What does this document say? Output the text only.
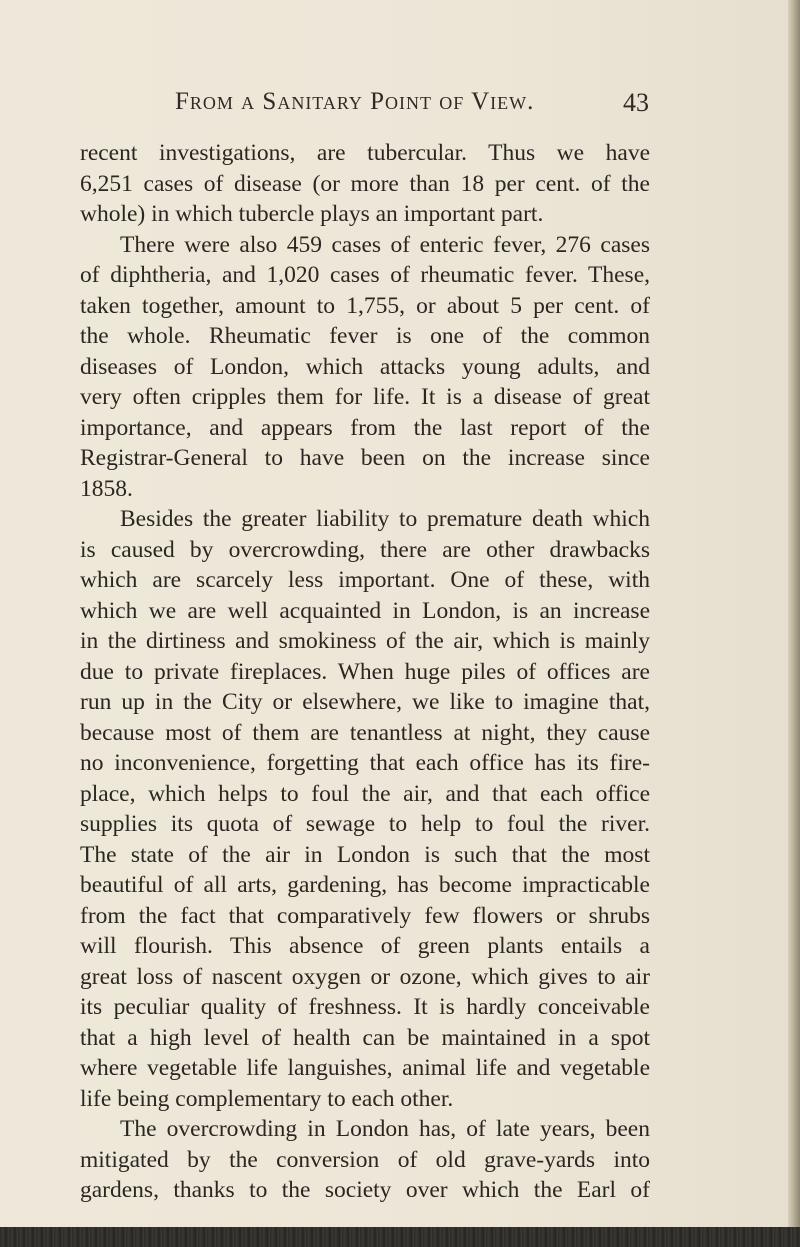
From a Sanitary Point of View.	43
recent investigations, are tubercular. Thus we have
6,251 cases of disease (or more than 18 per cent. of the
whole) in which tubercle plays an important part.
There were also 459 cases of enteric fever, 276 cases
of diphtheria, and 1,020 cases of rheumatic fever. These,
taken together, amount to 1,755, or about 5 per cent. of
the whole. Rheumatic fever is one of the common
diseases of London, which attacks young adults, and
very often cripples them for life. It is a disease of great
importance, and appears from the last report of the
Registrar-General to have been on the increase since
1858.
Besides the greater liability to premature death which
is caused by overcrowding, there are other drawbacks
which are scarcely less important. One of these, with
which we are well acquainted in London, is an increase
in the dirtiness and smokiness of the air, which is mainly
due to private fireplaces. When huge piles of offices are
run up in the City or elsewhere, we like to imagine that,
because most of them are tenantless at night, they cause
no inconvenience, forgetting that each office has its fire-
place, which helps to foul the air, and that each office
supplies its quota of sewage to help to foul the river.
The state of the air in London is such that the most
beautiful of all arts, gardening, has become impracticable
from the fact that comparatively few flowers or shrubs
will flourish. This absence of green plants entails a
great loss of nascent oxygen or ozone, which gives to air
its peculiar quality of freshness. It is hardly conceivable
that a high level of health can be maintained in a spot
where vegetable life languishes, animal life and vegetable
life being complementary to each other.
The overcrowding in London has, of late years, been
mitigated by the conversion of old grave-yards into
gardens, thanks to the society over which the Earl of
